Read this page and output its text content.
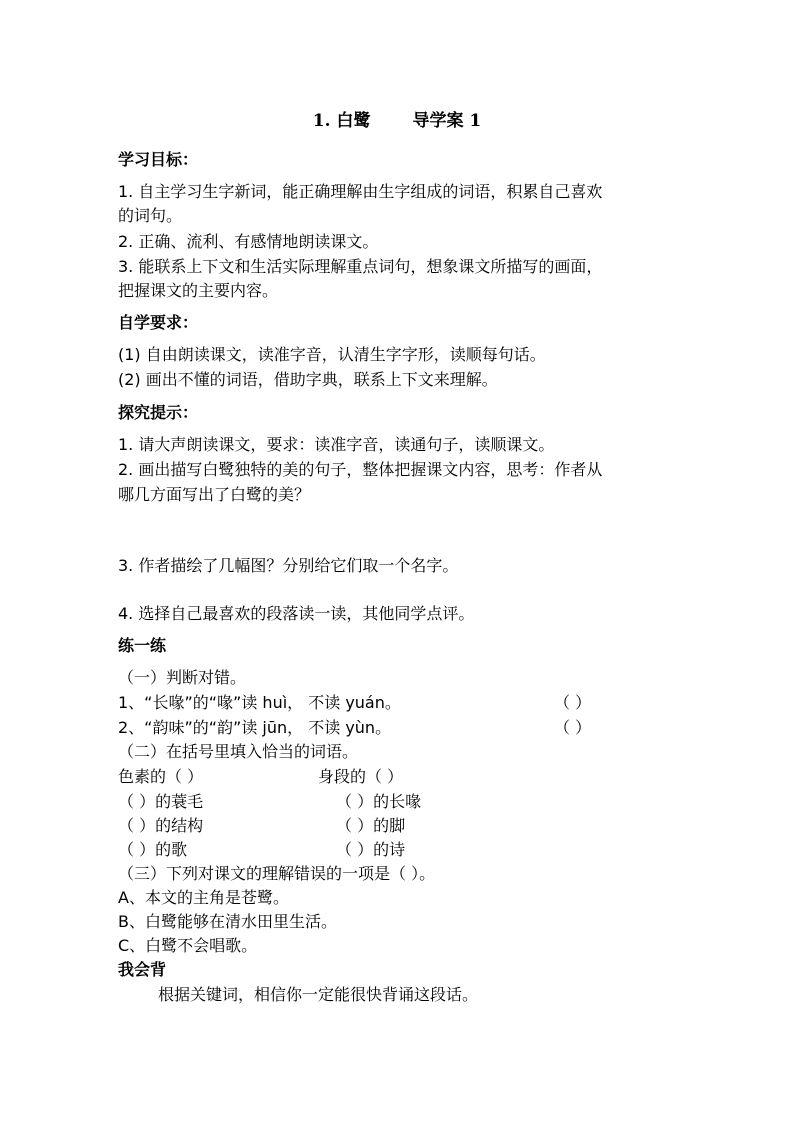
1. 白鹭 导学案 1
学习目标：
1. 自主学习生字新词，能正确理解由生字组成的词语，积累自己喜欢
的词句。
2. 正确、流利、有感情地朗读课文。
3. 能联系上下文和生活实际理解重点词句，想象课文所描写的画面，
把握课文的主要内容。
自学要求：
(1) 自由朗读课文，读准字音，认清生字字形，读顺每句话。
(2) 画出不懂的词语，借助字典，联系上下文来理解。
探究提示：
1. 请大声朗读课文，要求：读准字音，读通句子，读顺课文。
2. 画出描写白鹭独特的美的句子，整体把握课文内容，思考：作者从
哪几方面写出了白鹭的美？
3. 作者描绘了几幅图？分别给它们取一个名字。
4. 选择自己最喜欢的段落读一读，其他同学点评。
练一练
（一）判断对错。
1、“长喙”的“喙”读 huì， 不读 yuán。	（ ）
2、“韵味”的“韵”读 jūn， 不读 yùn。	（ ）
（二）在括号里填入恰当的词语。
色素的（ ）	身段的（ ）
（ ）的蓑毛	（ ）的长喙
（ ）的结构	（ ）的脚
（ ）的歌	（ ）的诗
（三）下列对课文的理解错误的一项是（ ）。
A、本文的主角是苍鹭。
B、白鹭能够在清水田里生活。
C、白鹭不会唱歌。
我会背
根据关键词，相信你一定能很快背诵这段话。
